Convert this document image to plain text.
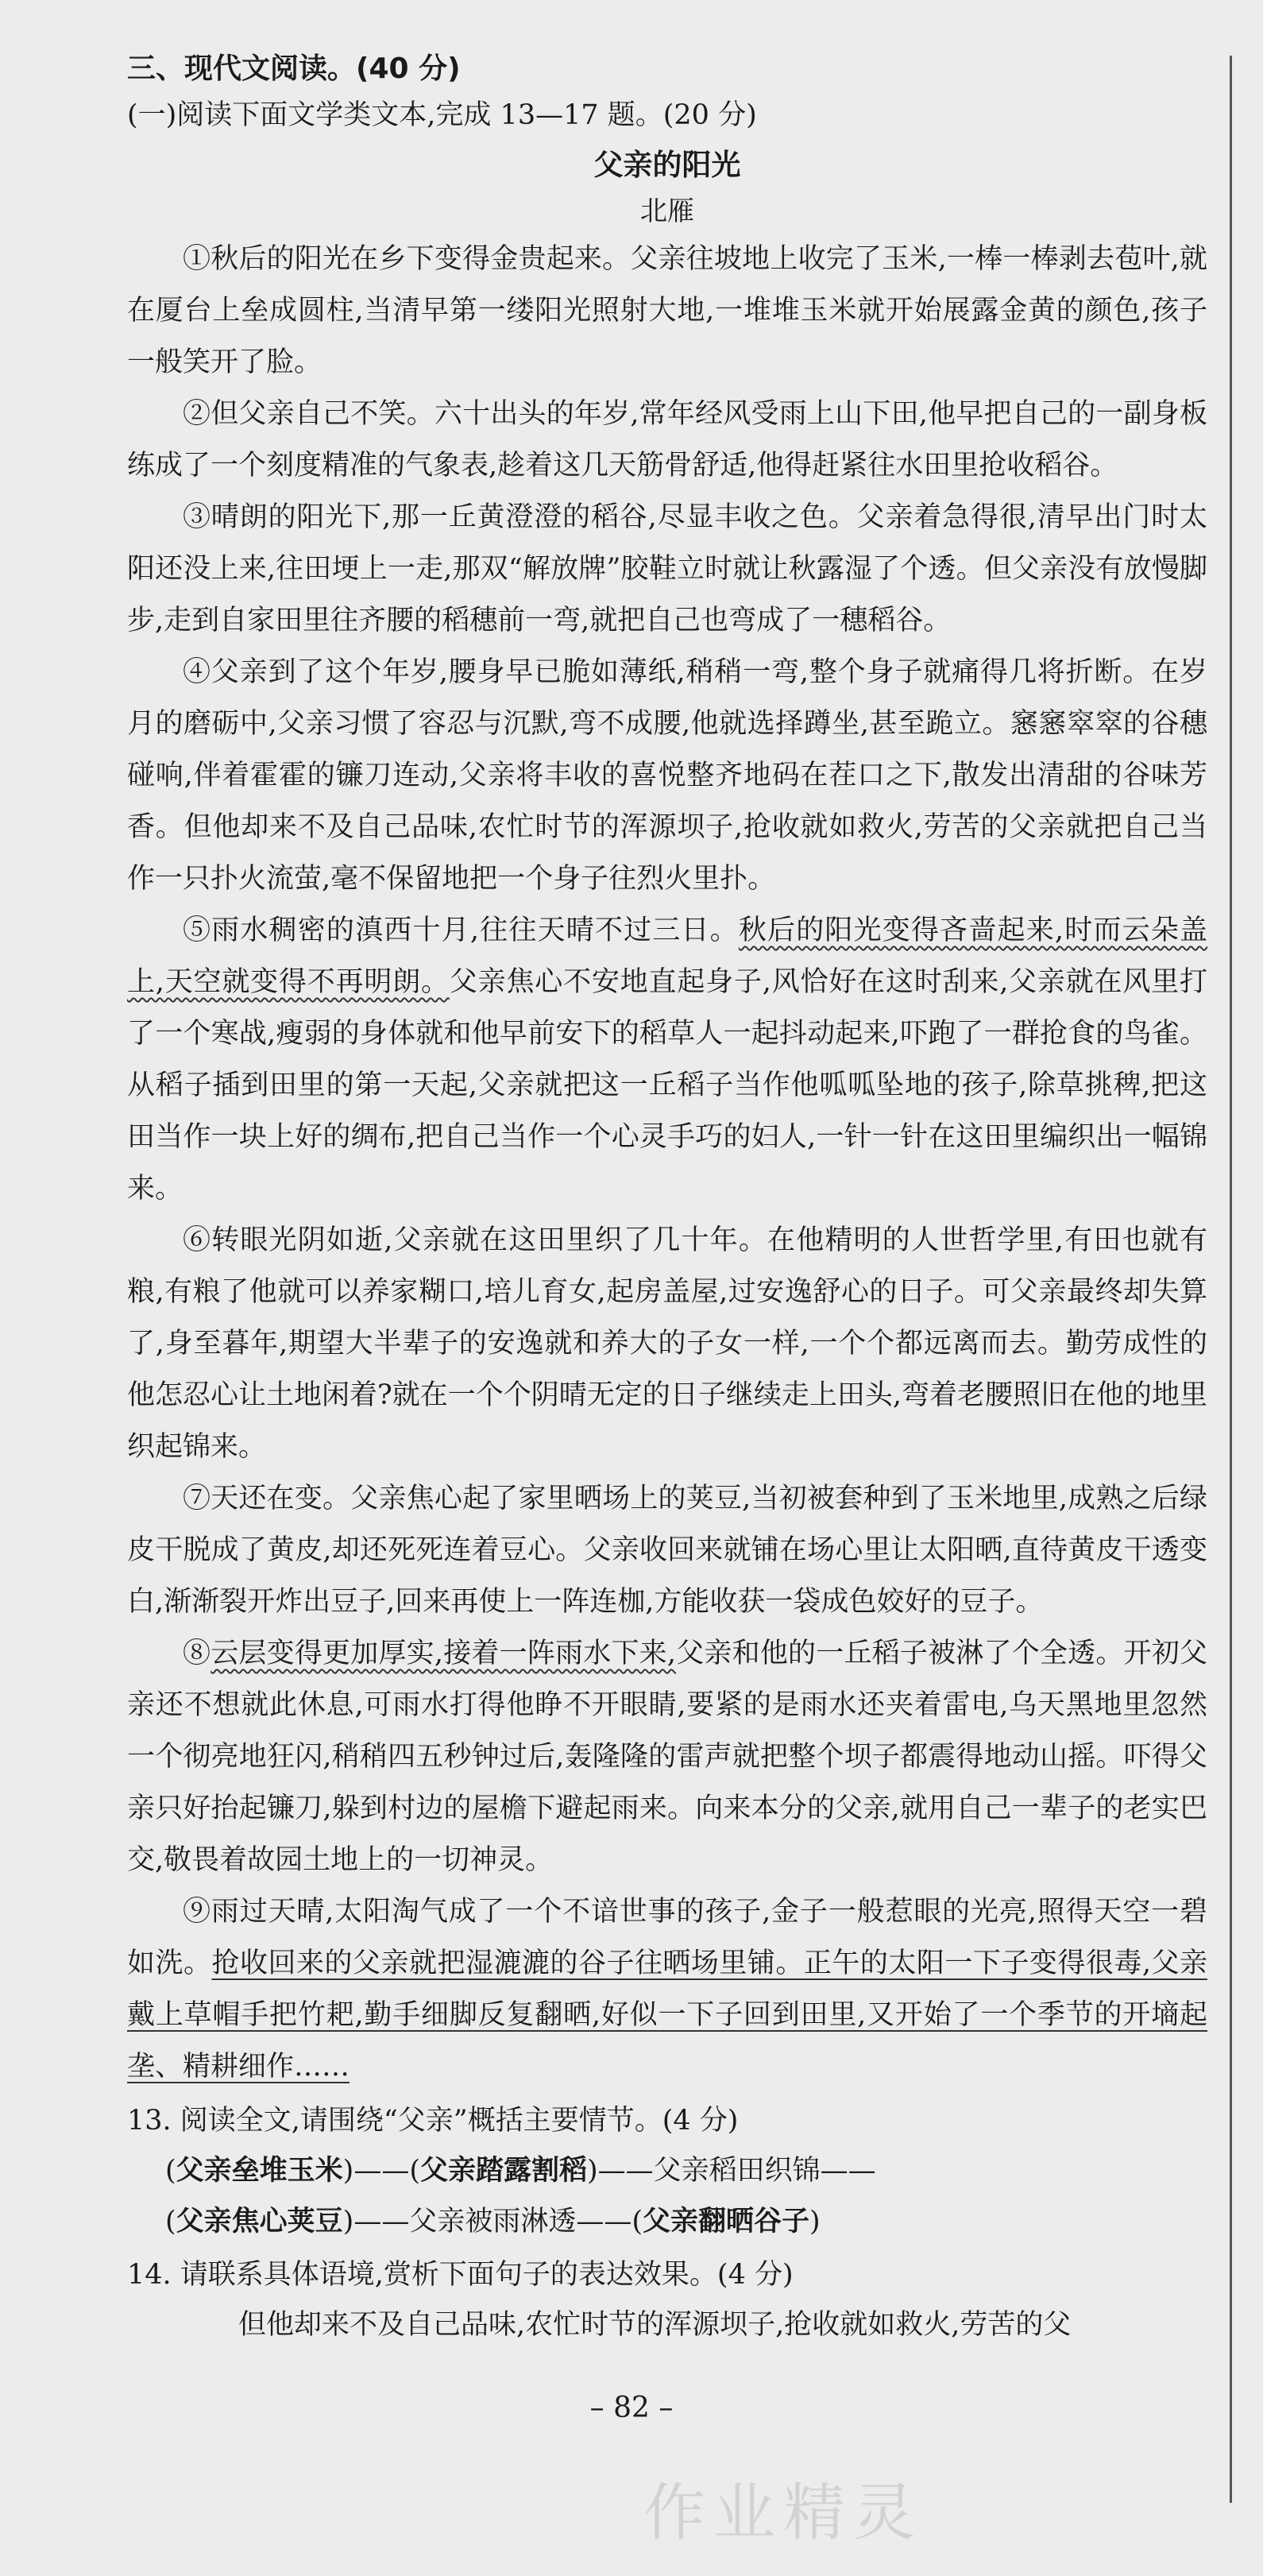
三、现代文阅读。(40 分)
(一)阅读下面文学类文本,完成 13—17 题。(20 分)
父亲的阳光
北雁

①秋后的阳光在乡下变得金贵起来。父亲往坡地上收完了玉米,一棒一棒剥去苞叶,就在厦台上垒成圆柱,当清早第一缕阳光照射大地,一堆堆玉米就开始展露金黄的颜色,孩子一般笑开了脸。

②但父亲自己不笑。六十出头的年岁,常年经风受雨上山下田,他早把自己的一副身板练成了一个刻度精准的气象表,趁着这几天筋骨舒适,他得赶紧往水田里抢收稻谷。

③晴朗的阳光下,那一丘黄澄澄的稻谷,尽显丰收之色。父亲着急得很,清早出门时太阳还没上来,往田埂上一走,那双“解放牌”胶鞋立时就让秋露湿了个透。但父亲没有放慢脚步,走到自家田里往齐腰的稻穗前一弯,就把自己也弯成了一穗稻谷。

④父亲到了这个年岁,腰身早已脆如薄纸,稍稍一弯,整个身子就痛得几将折断。在岁月的磨砺中,父亲习惯了容忍与沉默,弯不成腰,他就选择蹲坐,甚至跪立。窸窸窣窣的谷穗碰响,伴着霍霍的镰刀连动,父亲将丰收的喜悦整齐地码在茬口之下,散发出清甜的谷味芳香。但他却来不及自己品味,农忙时节的浑源坝子,抢收就如救火,劳苦的父亲就把自己当作一只扑火流萤,毫不保留地把一个身子往烈火里扑。

⑤雨水稠密的滇西十月,往往天晴不过三日。秋后的阳光变得吝啬起来,时而云朵盖上,天空就变得不再明朗。父亲焦心不安地直起身子,风恰好在这时刮来,父亲就在风里打了一个寒战,瘦弱的身体就和他早前安下的稻草人一起抖动起来,吓跑了一群抢食的鸟雀。从稻子插到田里的第一天起,父亲就把这一丘稻子当作他呱呱坠地的孩子,除草挑稗,把这田当作一块上好的绸布,把自己当作一个心灵手巧的妇人,一针一针在这田里编织出一幅锦来。

⑥转眼光阴如逝,父亲就在这田里织了几十年。在他精明的人世哲学里,有田也就有粮,有粮了他就可以养家糊口,培儿育女,起房盖屋,过安逸舒心的日子。可父亲最终却失算了,身至暮年,期望大半辈子的安逸就和养大的子女一样,一个个都远离而去。勤劳成性的他怎忍心让土地闲着?就在一个个阴晴无定的日子继续走上田头,弯着老腰照旧在他的地里织起锦来。

⑦天还在变。父亲焦心起了家里晒场上的荚豆,当初被套种到了玉米地里,成熟之后绿皮干脱成了黄皮,却还死死连着豆心。父亲收回来就铺在场心里让太阳晒,直待黄皮干透变白,渐渐裂开炸出豆子,回来再使上一阵连枷,方能收获一袋成色姣好的豆子。

⑧云层变得更加厚实,接着一阵雨水下来,父亲和他的一丘稻子被淋了个全透。开初父亲还不想就此休息,可雨水打得他睁不开眼睛,要紧的是雨水还夹着雷电,乌天黑地里忽然一个彻亮地狂闪,稍稍四五秒钟过后,轰隆隆的雷声就把整个坝子都震得地动山摇。吓得父亲只好抬起镰刀,躲到村边的屋檐下避起雨来。向来本分的父亲,就用自己一辈子的老实巴交,敬畏着故园土地上的一切神灵。

⑨雨过天晴,太阳淘气成了一个不谙世事的孩子,金子一般惹眼的光亮,照得天空一碧如洗。抢收回来的父亲就把湿漉漉的谷子往晒场里铺。正午的太阳一下子变得很毒,父亲戴上草帽手把竹耙,勤手细脚反复翻晒,好似一下子回到田里,又开始了一个季节的开墒起垄、精耕细作……

13. 阅读全文,请围绕“父亲”概括主要情节。(4 分)
(父亲垒堆玉米)——(父亲踏露割稻)——父亲稻田织锦——
(父亲焦心荚豆)——父亲被雨淋透——(父亲翻晒谷子)
14. 请联系具体语境,赏析下面句子的表达效果。(4 分)
但他却来不及自己品味,农忙时节的浑源坝子,抢收就如救火,劳苦的父
– 82 –
作业精灵
